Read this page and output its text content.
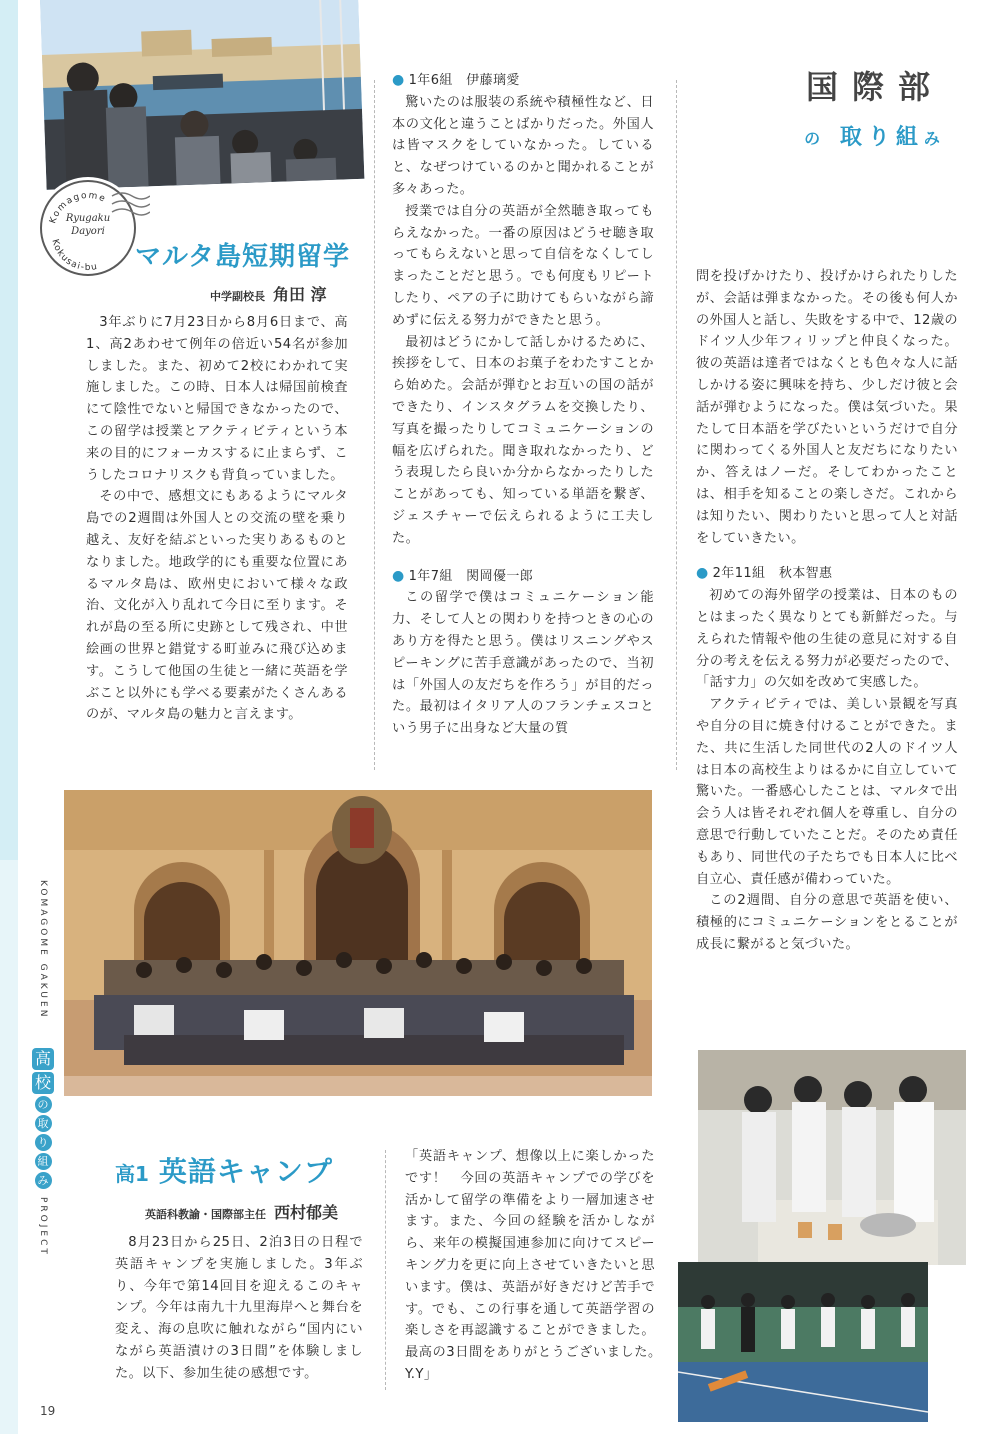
KOMAGOME GAKUEN
高
校
の
取
り
組
み
PROJECT
Komagome
Kokusai-bu
Ryugaku
Dayori
マルタ島短期留学
中学副校長 角田 淳

3年ぶりに7月23日から8月6日まで、高1、高2あわせて例年の倍近い54名が参加しました。また、初めて2校にわかれて実施しました。この時、日本人は帰国前検査にて陰性でないと帰国できなかったので、この留学は授業とアクティビティという本来の目的にフォーカスするに止まらず、こうしたコロナリスクも背負っていました。

その中で、感想文にもあるようにマルタ島での2週間は外国人との交流の壁を乗り越え、友好を結ぶといった実りあるものとなりました。地政学的にも重要な位置にあるマルタ島は、欧州史において様々な政治、文化が入り乱れて今日に至ります。それが島の至る所に史跡として残され、中世絵画の世界と錯覚する町並みに飛び込めます。こうして他国の生徒と一緒に英語を学ぶこと以外にも学べる要素がたくさんあるのが、マルタ島の魅力と言えます。

● 1年6組　伊藤璃愛

驚いたのは服装の系統や積極性など、日本の文化と違うことばかりだった。外国人は皆マスクをしていなかった。していると、なぜつけているのかと聞かれることが多々あった。

授業では自分の英語が全然聴き取ってもらえなかった。一番の原因はどうせ聴き取ってもらえないと思って自信をなくしてしまったことだと思う。でも何度もリピートしたり、ペアの子に助けてもらいながら諦めずに伝える努力ができたと思う。

最初はどうにかして話しかけるために、挨拶をして、日本のお菓子をわたすことから始めた。会話が弾むとお互いの国の話ができたり、インスタグラムを交換したり、写真を撮ったりしてコミュニケーションの幅を広げられた。聞き取れなかったり、どう表現したら良いか分からなかったりしたことがあっても、知っている単語を繋ぎ、ジェスチャーで伝えられるように工夫した。

● 1年7組　関岡優一郎

この留学で僕はコミュニケーション能力、そして人との関わりを持つときの心のあり方を得たと思う。僕はリスニングやスピーキングに苦手意識があったので、当初は「外国人の友だちを作ろう」が目的だった。最初はイタリア人のフランチェスコという男子に出身など大量の質

国際部
の 取り組み

問を投げかけたり、投げかけられたりしたが、会話は弾まなかった。その後も何人かの外国人と話し、失敗をする中で、12歳のドイツ人少年フィリップと仲良くなった。彼の英語は達者ではなくとも色々な人に話しかける姿に興味を持ち、少しだけ彼と会話が弾むようになった。僕は気づいた。果たして日本語を学びたいというだけで自分に関わってくる外国人と友だちになりたいか、答えはノーだ。そしてわかったことは、相手を知ることの楽しさだ。これからは知りたい、関わりたいと思って人と対話をしていきたい。

● 2年11組　秋本智惠

初めての海外留学の授業は、日本のものとはまったく異なりとても新鮮だった。与えられた情報や他の生徒の意見に対する自分の考えを伝える努力が必要だったので、「話す力」の欠如を改めて実感した。

アクティビティでは、美しい景観を写真や自分の目に焼き付けることができた。また、共に生活した同世代の2人のドイツ人は日本の高校生よりはるかに自立していて驚いた。一番感心したことは、マルタで出会う人は皆それぞれ個人を尊重し、自分の意思で行動していたことだ。そのため責任もあり、同世代の子たちでも日本人に比べ自立心、責任感が備わっていた。

この2週間、自分の意思で英語を使い、積極的にコミュニケーションをとることが成長に繋がると気づいた。

高1 英語キャンプ
英語科教諭・国際部主任 西村郁美

8月23日から25日、2泊3日の日程で英語キャンプを実施しました。3年ぶり、今年で第14回目を迎えるこのキャンプ。今年は南九十九里海岸へと舞台を変え、海の息吹に触れながら“国内にいながら英語漬けの3日間”を体験しました。以下、参加生徒の感想です。

「英語キャンプ、想像以上に楽しかったです！　今回の英語キャンプでの学びを活かして留学の準備をより一層加速させます。また、今回の経験を活かしながら、来年の模擬国連参加に向けてスピーキング力を更に向上させていきたいと思います。僕は、英語が好きだけど苦手です。でも、この行事を通して英語学習の楽しさを再認識することができました。最高の3日間をありがとうございました。　Y.Y」

19
